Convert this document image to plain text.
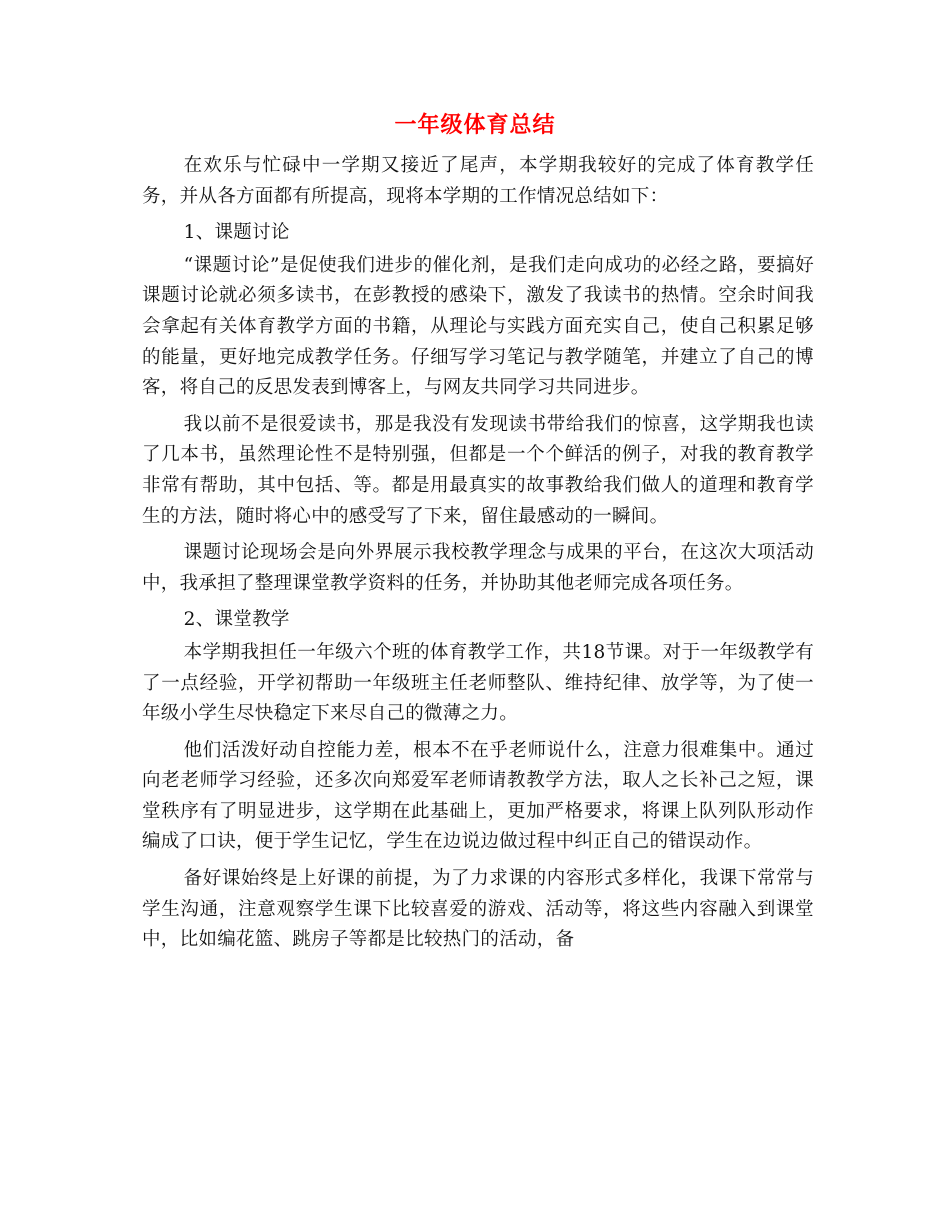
一年级体育总结

在欢乐与忙碌中一学期又接近了尾声，本学期我较好的完成了体育教学任务，并从各方面都有所提高，现将本学期的工作情况总结如下：

1、课题讨论

“课题讨论”是促使我们进步的催化剂，是我们走向成功的必经之路，要搞好课题讨论就必须多读书，在彭教授的感染下，激发了我读书的热情。空余时间我会拿起有关体育教学方面的书籍，从理论与实践方面充实自己，使自己积累足够的能量，更好地完成教学任务。仔细写学习笔记与教学随笔，并建立了自己的博客，将自己的反思发表到博客上，与网友共同学习共同进步。

我以前不是很爱读书，那是我没有发现读书带给我们的惊喜，这学期我也读了几本书，虽然理论性不是特别强，但都是一个个鲜活的例子，对我的教育教学非常有帮助，其中包括、等。都是用最真实的故事教给我们做人的道理和教育学生的方法，随时将心中的感受写了下来，留住最感动的一瞬间。

课题讨论现场会是向外界展示我校教学理念与成果的平台，在这次大项活动中，我承担了整理课堂教学资料的任务，并协助其他老师完成各项任务。

2、课堂教学

本学期我担任一年级六个班的体育教学工作，共18节课。对于一年级教学有了一点经验，开学初帮助一年级班主任老师整队、维持纪律、放学等，为了使一年级小学生尽快稳定下来尽自己的微薄之力。

他们活泼好动自控能力差，根本不在乎老师说什么，注意力很难集中。通过向老老师学习经验，还多次向郑爱军老师请教教学方法，取人之长补己之短，课堂秩序有了明显进步，这学期在此基础上，更加严格要求，将课上队列队形动作编成了口诀，便于学生记忆，学生在边说边做过程中纠正自己的错误动作。

备好课始终是上好课的前提，为了力求课的内容形式多样化，我课下常常与学生沟通，注意观察学生课下比较喜爱的游戏、活动等，将这些内容融入到课堂中，比如编花篮、跳房子等都是比较热门的活动，备
